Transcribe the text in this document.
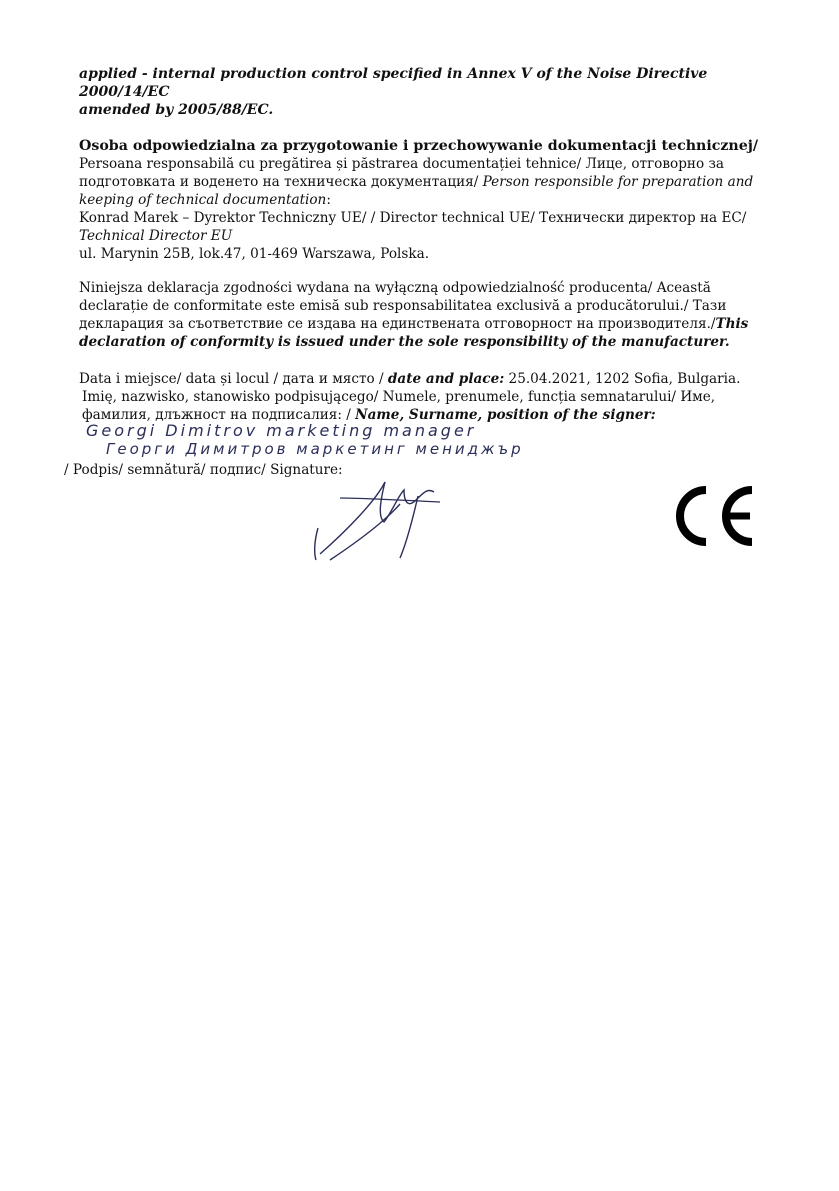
applied - internal production control specified in Annex V of the Noise Directive 2000/14/EC

amended by 2005/88/EC.

Osoba odpowiedzialna za przygotowanie i przechowywanie dokumentacji technicznej/

Persoana responsabilă cu pregătirea și păstrarea documentației tehnice/ Лице, отговорно за подготовката и воденето на техническа документация/ Person responsible for preparation and keeping of technical documentation:

Konrad Marek – Dyrektor Techniczny UE/ / Director technical UE/ Технически директор на ЕС/

Technical Director EU

ul. Marynin 25B, lok.47, 01-469 Warszawa, Polska.

Niniejsza deklaracja zgodności wydana na wyłączną odpowiedzialność producenta/ Această declarație de conformitate este emisă sub responsabilitatea exclusivă a producătorului./ Тази декларация за съответствие се издава на единствената отговорност на производителя./This declaration of conformity is issued under the sole responsibility of the manufacturer.

Data i miejsce/ data și locul / дата и място / date and place: 25.04.2021, 1202 Sofia, Bulgaria.

Imię, nazwisko, stanowisko podpisującego/ Numele, prenumele, funcția semnatarului/ Име, фамилия, длъжност на подписалия: / Name, Surname, position of the signer:

Georgi Dimitrov marketing manager
Георги Димитров маркетинг мениджър

/ Podpis/ semnătură/ подпис/ Signature:
